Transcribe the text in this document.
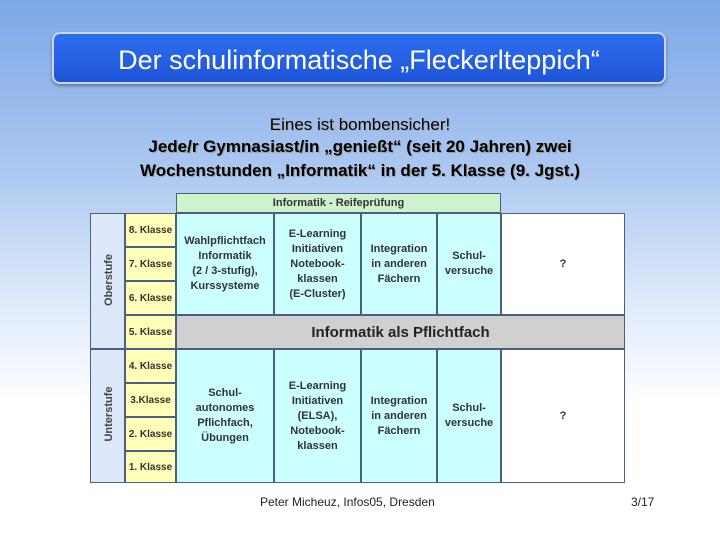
Der schulinformatische „Fleckerlteppich“
Eines ist bombensicher!
Jede/r Gymnasiast/in „genießt“ (seit 20 Jahren) zwei
Wochenstunden „Informatik“ in der 5. Klasse (9. Jgst.)
Informatik - Reifeprüfung
Oberstufe
Unterstufe
8. Klasse
7. Klasse
6. Klasse
5. Klasse
4. Klasse
3.Klasse
2. Klasse
1. Klasse
Wahlpflichtfach
Informatik
(2 / 3-stufig),
Kurssysteme
E-Learning
Initiativen
Notebook-
klassen
(E-Cluster)
Integration
in anderen
Fächern
Schul-
versuche
?
Informatik als Pflichtfach
Schul-
autonomes
Pflichfach,
Übungen
E-Learning
Initiativen
(ELSA),
Notebook-
klassen
Integration
in anderen
Fächern
Schul-
versuche
?
Peter Micheuz, Infos05, Dresden	3/17
